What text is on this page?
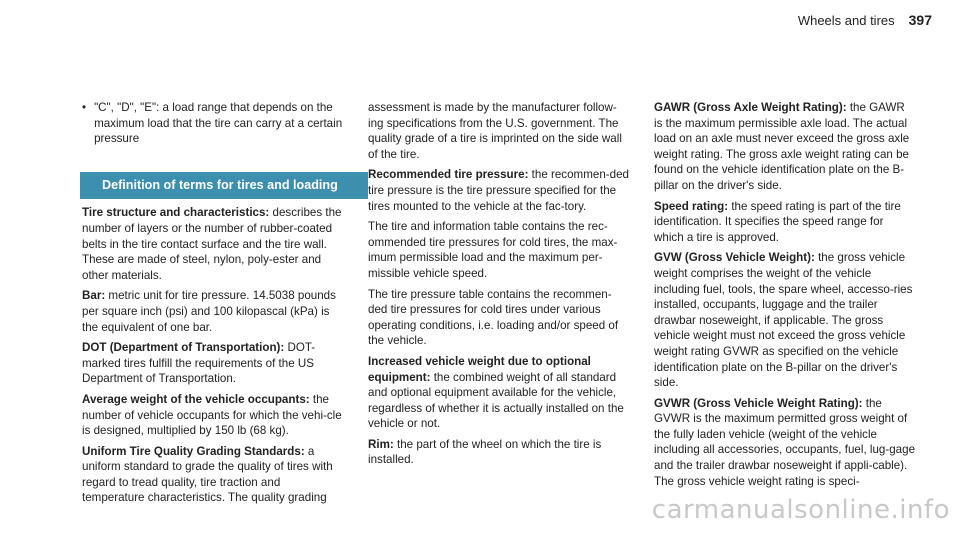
Wheels and tires 397
• "C", "D", "E": a load range that depends on the maximum load that the tire can carry at a certain pressure
Definition of terms for tires and loading

Tire structure and characteristics: describes the number of layers or the number of rubber-coated belts in the tire contact surface and the tire wall. These are made of steel, nylon, poly-ester and other materials.

Bar: metric unit for tire pressure. 14.5038 pounds per square inch (psi) and 100 kilopascal (kPa) is the equivalent of one bar.

DOT (Department of Transportation): DOT-marked tires fulfill the requirements of the US Department of Transportation.

Average weight of the vehicle occupants: the number of vehicle occupants for which the vehi-cle is designed, multiplied by 150 lb (68 kg).

Uniform Tire Quality Grading Standards: a uniform standard to grade the quality of tires with regard to tread quality, tire traction and temperature characteristics. The quality grading

assessment is made by the manufacturer follow-ing specifications from the U.S. government. The quality grade of a tire is imprinted on the side wall of the tire.

Recommended tire pressure: the recommen-ded tire pressure is the tire pressure specified for the tires mounted to the vehicle at the fac-tory.

The tire and information table contains the rec-ommended tire pressures for cold tires, the max-imum permissible load and the maximum per-missible vehicle speed.

The tire pressure table contains the recommen-ded tire pressures for cold tires under various operating conditions, i.e. loading and/or speed of the vehicle.

Increased vehicle weight due to optional equipment: the combined weight of all standard and optional equipment available for the vehicle, regardless of whether it is actually installed on the vehicle or not.

Rim: the part of the wheel on which the tire is installed.

GAWR (Gross Axle Weight Rating): the GAWR is the maximum permissible axle load. The actual load on an axle must never exceed the gross axle weight rating. The gross axle weight rating can be found on the vehicle identification plate on the B-pillar on the driver's side.

Speed rating: the speed rating is part of the tire identification. It specifies the speed range for which a tire is approved.

GVW (Gross Vehicle Weight): the gross vehicle weight comprises the weight of the vehicle including fuel, tools, the spare wheel, accesso-ries installed, occupants, luggage and the trailer drawbar noseweight, if applicable. The gross vehicle weight must not exceed the gross vehicle weight rating GVWR as specified on the vehicle identification plate on the B-pillar on the driver's side.

GVWR (Gross Vehicle Weight Rating): the GVWR is the maximum permitted gross weight of the fully laden vehicle (weight of the vehicle including all accessories, occupants, fuel, lug-gage and the trailer drawbar noseweight if appli-cable). The gross vehicle weight rating is speci-

carmanualsonline.info
